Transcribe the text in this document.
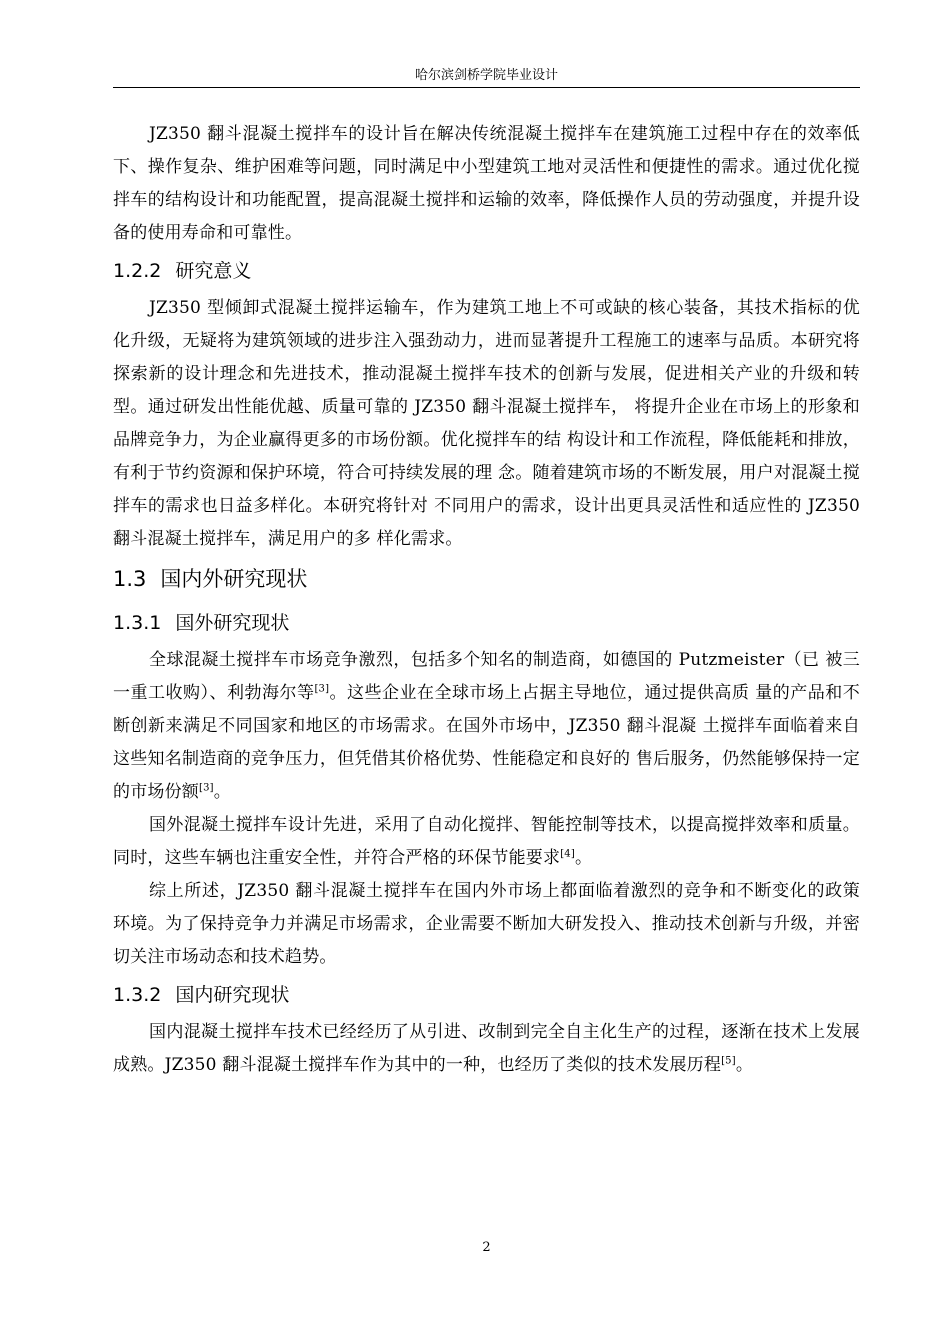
哈尔滨剑桥学院毕业设计

JZ350 翻斗混凝土搅拌车的设计旨在解决传统混凝土搅拌车在建筑施工过程中存在的效率低下、操作复杂、维护困难等问题，同时满足中小型建筑工地对灵活性和便捷性的需求。通过优化搅拌车的结构设计和功能配置，提高混凝土搅拌和运输的效率，降低操作人员的劳动强度，并提升设备的使用寿命和可靠性。

1.2.2 研究意义

JZ350 型倾卸式混凝土搅拌运输车，作为建筑工地上不可或缺的核心装备，其技术指标的优化升级，无疑将为建筑领域的进步注入强劲动力，进而显著提升工程施工的速率与品质。本研究将探索新的设计理念和先进技术，推动混凝土搅拌车技术的创新与发展，促进相关产业的升级和转型。通过研发出性能优越、质量可靠的 JZ350 翻斗混凝土搅拌车， 将提升企业在市场上的形象和品牌竞争力，为企业赢得更多的市场份额。优化搅拌车的结 构设计和工作流程，降低能耗和排放，有利于节约资源和保护环境，符合可持续发展的理 念。随着建筑市场的不断发展，用户对混凝土搅拌车的需求也日益多样化。本研究将针对 不同用户的需求，设计出更具灵活性和适应性的 JZ350 翻斗混凝土搅拌车，满足用户的多 样化需求。

1.3 国内外研究现状
1.3.1 国外研究现状

全球混凝土搅拌车市场竞争激烈，包括多个知名的制造商，如德国的 Putzmeister（已 被三一重工收购）、利勃海尔等[3]。这些企业在全球市场上占据主导地位，通过提供高质 量的产品和不断创新来满足不同国家和地区的市场需求。在国外市场中，JZ350 翻斗混凝 土搅拌车面临着来自这些知名制造商的竞争压力，但凭借其价格优势、性能稳定和良好的 售后服务，仍然能够保持一定的市场份额[3]。

国外混凝土搅拌车设计先进，采用了自动化搅拌、智能控制等技术，以提高搅拌效率和质量。同时，这些车辆也注重安全性，并符合严格的环保节能要求[4]。

综上所述，JZ350 翻斗混凝土搅拌车在国内外市场上都面临着激烈的竞争和不断变化的政策环境。为了保持竞争力并满足市场需求，企业需要不断加大研发投入、推动技术创新与升级，并密切关注市场动态和技术趋势。

1.3.2 国内研究现状

国内混凝土搅拌车技术已经经历了从引进、改制到完全自主化生产的过程，逐渐在技术上发展成熟。JZ350 翻斗混凝土搅拌车作为其中的一种，也经历了类似的技术发展历程[5]。

2
